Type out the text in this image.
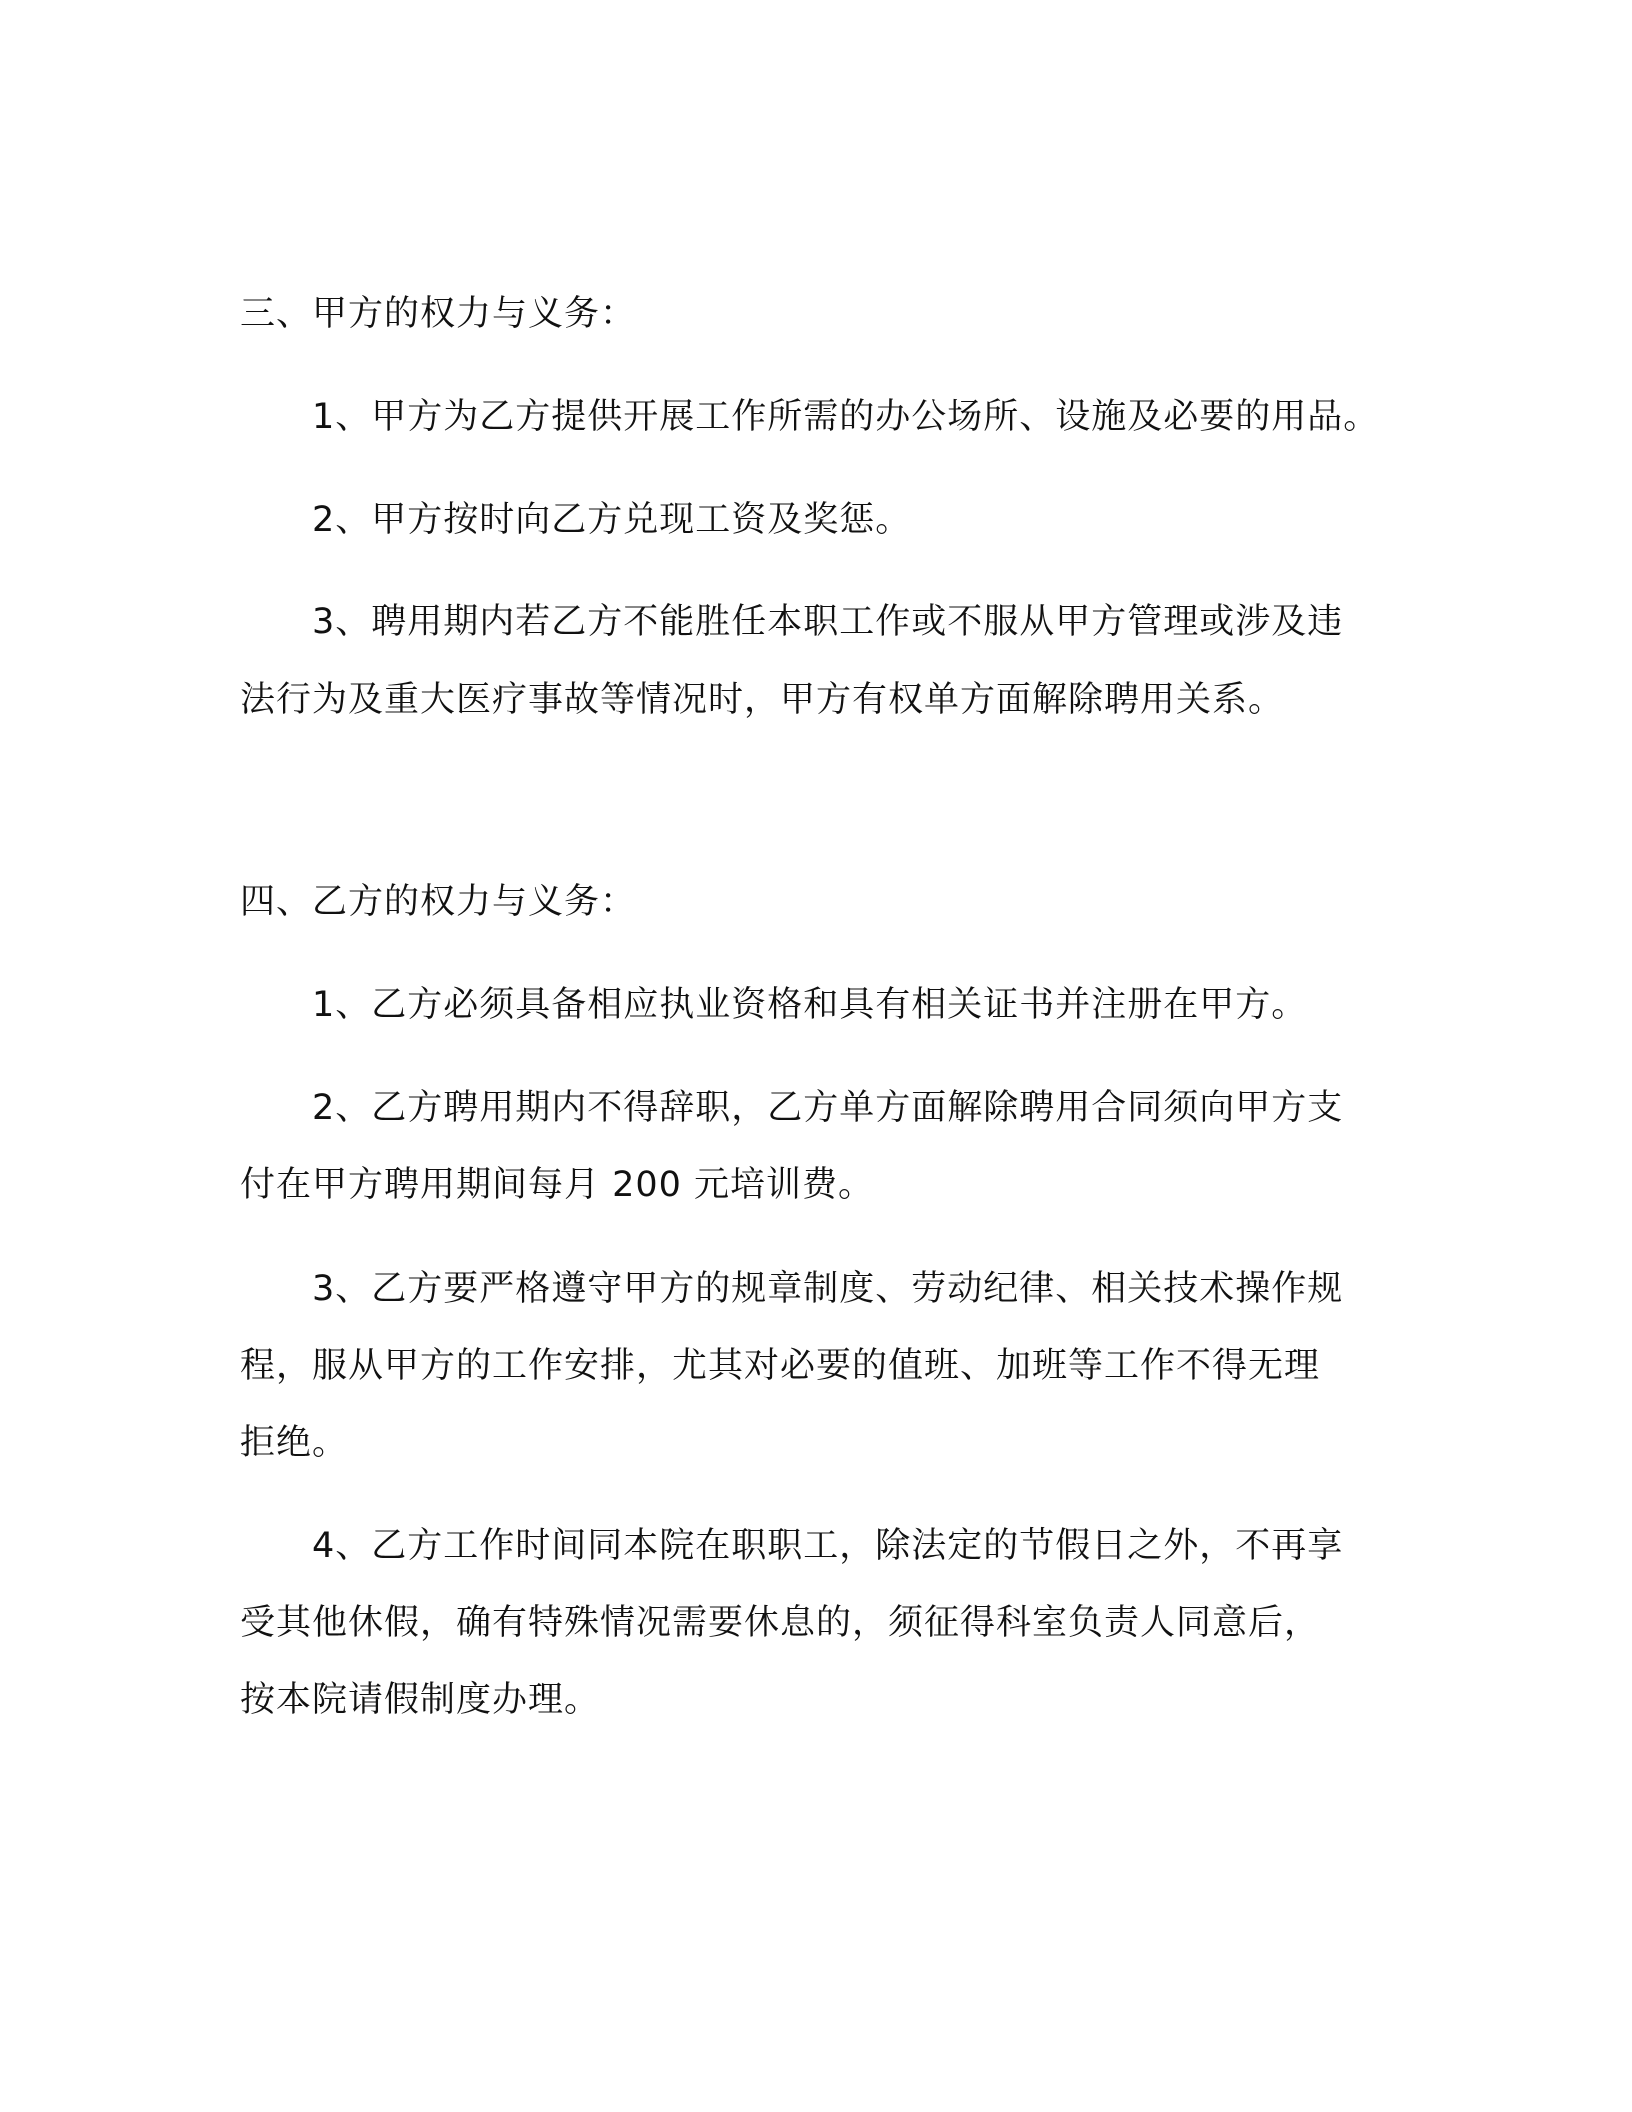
三、甲方的权力与义务：
1、甲方为乙方提供开展工作所需的办公场所、设施及必要的用品。
2、甲方按时向乙方兑现工资及奖惩。
3、聘用期内若乙方不能胜任本职工作或不服从甲方管理或涉及违
法行为及重大医疗事故等情况时，甲方有权单方面解除聘用关系。
四、乙方的权力与义务：
1、乙方必须具备相应执业资格和具有相关证书并注册在甲方。
2、乙方聘用期内不得辞职，乙方单方面解除聘用合同须向甲方支
付在甲方聘用期间每月 200 元培训费。
3、乙方要严格遵守甲方的规章制度、劳动纪律、相关技术操作规
程，服从甲方的工作安排，尤其对必要的值班、加班等工作不得无理
拒绝。
4、乙方工作时间同本院在职职工，除法定的节假日之外，不再享
受其他休假，确有特殊情况需要休息的，须征得科室负责人同意后，
按本院请假制度办理。
